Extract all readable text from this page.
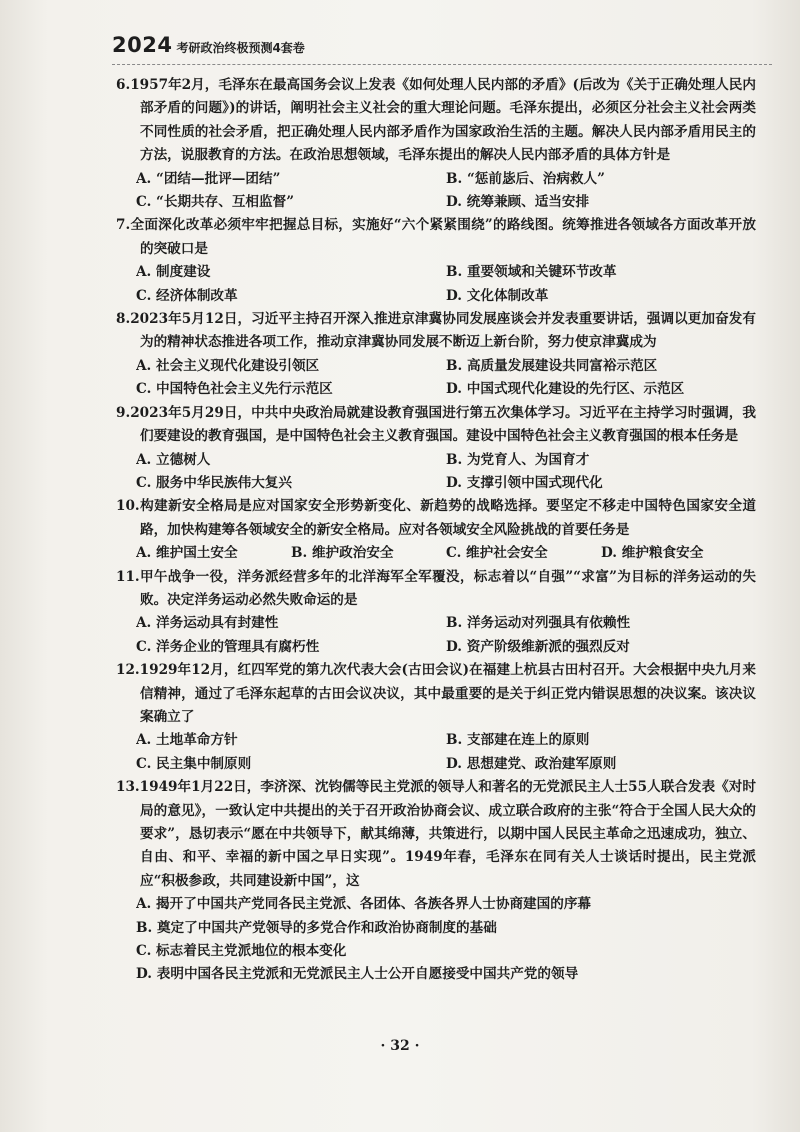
2024 考研政治终极预测4套卷
6.1957年2月，毛泽东在最高国务会议上发表《如何处理人民内部的矛盾》(后改为《关于正确处理人民内部矛盾的问题》)的讲话，阐明社会主义社会的重大理论问题。毛泽东提出，必须区分社会主义社会两类不同性质的社会矛盾，把正确处理人民内部矛盾作为国家政治生活的主题。解决人民内部矛盾用民主的方法，说服教育的方法。在政治思想领域，毛泽东提出的解决人民内部矛盾的具体方针是
A. “团结—批评—团结”	B. “惩前毖后、治病救人”
C. “长期共存、互相监督”	D. 统筹兼顾、适当安排
7.全面深化改革必须牢牢把握总目标，实施好“六个紧紧围绕”的路线图。统筹推进各领域各方面改革开放的突破口是
A. 制度建设	B. 重要领域和关键环节改革
C. 经济体制改革	D. 文化体制改革
8.2023年5月12日，习近平主持召开深入推进京津冀协同发展座谈会并发表重要讲话，强调以更加奋发有为的精神状态推进各项工作，推动京津冀协同发展不断迈上新台阶，努力使京津冀成为
A. 社会主义现代化建设引领区	B. 高质量发展建设共同富裕示范区
C. 中国特色社会主义先行示范区	D. 中国式现代化建设的先行区、示范区
9.2023年5月29日，中共中央政治局就建设教育强国进行第五次集体学习。习近平在主持学习时强调，我们要建设的教育强国，是中国特色社会主义教育强国。建设中国特色社会主义教育强国的根本任务是
A. 立德树人	B. 为党育人、为国育才
C. 服务中华民族伟大复兴	D. 支撑引领中国式现代化
10.构建新安全格局是应对国家安全形势新变化、新趋势的战略选择。要坚定不移走中国特色国家安全道路，加快构建筹各领域安全的新安全格局。应对各领域安全风险挑战的首要任务是
A. 维护国土安全	B. 维护政治安全	C. 维护社会安全	D. 维护粮食安全
11.甲午战争一役，洋务派经营多年的北洋海军全军覆没，标志着以“自强”“求富”为目标的洋务运动的失败。决定洋务运动必然失败命运的是
A. 洋务运动具有封建性	B. 洋务运动对列强具有依赖性
C. 洋务企业的管理具有腐朽性	D. 资产阶级维新派的强烈反对
12.1929年12月，红四军党的第九次代表大会(古田会议)在福建上杭县古田村召开。大会根据中央九月来信精神，通过了毛泽东起草的古田会议决议，其中最重要的是关于纠正党内错误思想的决议案。该决议案确立了
A. 土地革命方针	B. 支部建在连上的原则
C. 民主集中制原则	D. 思想建党、政治建军原则
13.1949年1月22日，李济深、沈钧儒等民主党派的领导人和著名的无党派民主人士55人联合发表《对时局的意见》，一致认定中共提出的关于召开政治协商会议、成立联合政府的主张“符合于全国人民大众的要求”，恳切表示“愿在中共领导下，献其绵薄，共策进行，以期中国人民民主革命之迅速成功，独立、自由、和平、幸福的新中国之早日实现”。1949年春，毛泽东在同有关人士谈话时提出，民主党派应“积极参政，共同建设新中国”，这
A. 揭开了中国共产党同各民主党派、各团体、各族各界人士协商建国的序幕
B. 奠定了中国共产党领导的多党合作和政治协商制度的基础
C. 标志着民主党派地位的根本变化
D. 表明中国各民主党派和无党派民主人士公开自愿接受中国共产党的领导
· 32 ·
